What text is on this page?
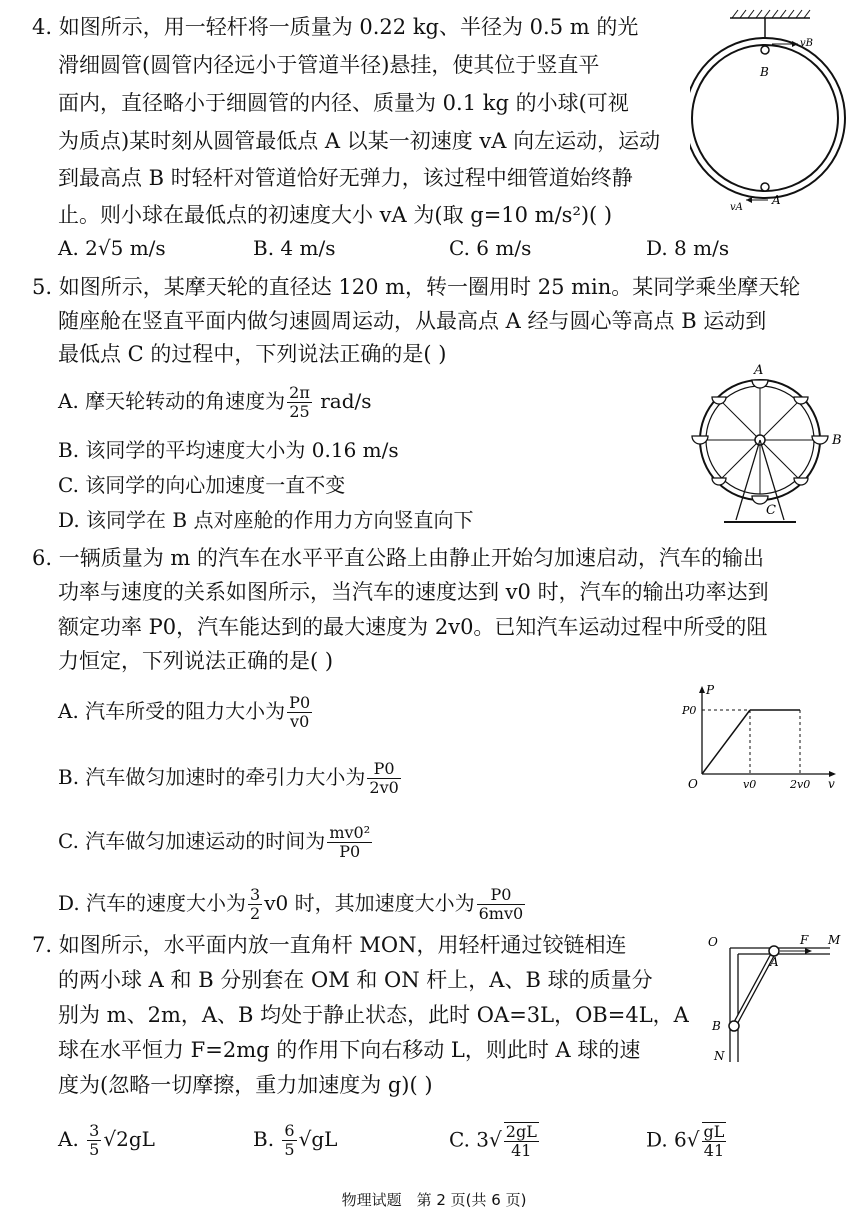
4. 如图所示，用一轻杆将一质量为 0.22 kg、半径为 0.5 m 的光
滑细圆管(圆管内径远小于管道半径)悬挂，使其位于竖直平
面内，直径略小于细圆管的内径、质量为 0.1 kg 的小球(可视
为质点)某时刻从圆管最低点 A 以某一初速度 vA 向左运动，运动
到最高点 B 时轻杆对管道恰好无弹力，该过程中细管道始终静
止。则小球在最低点的初速度大小 vA 为(取 g=10 m/s²)( )
A. 2√5 m/s	B. 4 m/s	C. 6 m/s	D. 8 m/s
vB
B
vA
A
5. 如图所示，某摩天轮的直径达 120 m，转一圈用时 25 min。某同学乘坐摩天轮
随座舱在竖直平面内做匀速圆周运动，从最高点 A 经与圆心等高点 B 运动到
最低点 C 的过程中，下列说法正确的是( )
A. 摩天轮转动的角速度为 $\frac{2\pi}{25} rad/s$
B. 该同学的平均速度大小为 0.16 m/s
C. 该同学的向心加速度一直不变
D. 该同学在 B 点对座舱的作用力方向竖直向下
A
B
C
6. 一辆质量为 m 的汽车在水平平直公路上由静止开始匀加速启动，汽车的输出
功率与速度的关系如图所示，当汽车的速度达到 v0 时，汽车的输出功率达到
额定功率 P0，汽车能达到的最大速度为 2v0。已知汽车运动过程中所受的阻
力恒定，下列说法正确的是( )
A. 汽车所受的阻力大小为 $\frac{P0}{v0}$
B. 汽车做匀加速时的牵引力大小为 $\frac{P0}{2v0}$
C. 汽车做匀加速运动的时间为 $\frac{\text{mv0²}}{P0}$
D. 汽车的速度大小为 $\frac{3}{2} v0$ 时，其加速度大小为 $\frac{P0}{6mv0}$
P
P0
O	v0	2v0 v
7. 如图所示，水平面内放一直角杆 MON，用轻杆通过铰链相连
的两小球 A 和 B 分别套在 OM 和 ON 杆上，A、B 球的质量分
别为 m、2m，A、B 均处于静止状态，此时 OA=3L，OB=4L，A
球在水平恒力 F=2mg 的作用下向右移动 L，则此时 A 球的速
度为(忽略一切摩擦，重力加速度为 g)( )
A. $\frac{3}{5} √2gL$	B. $\frac{6}{5} √gL$	C. $3√ \frac{2gL}{41}$	D. $6√ \frac{gL}{41}$
O	F M
A
B
N
物理试题　第 2 页(共 6 页)
